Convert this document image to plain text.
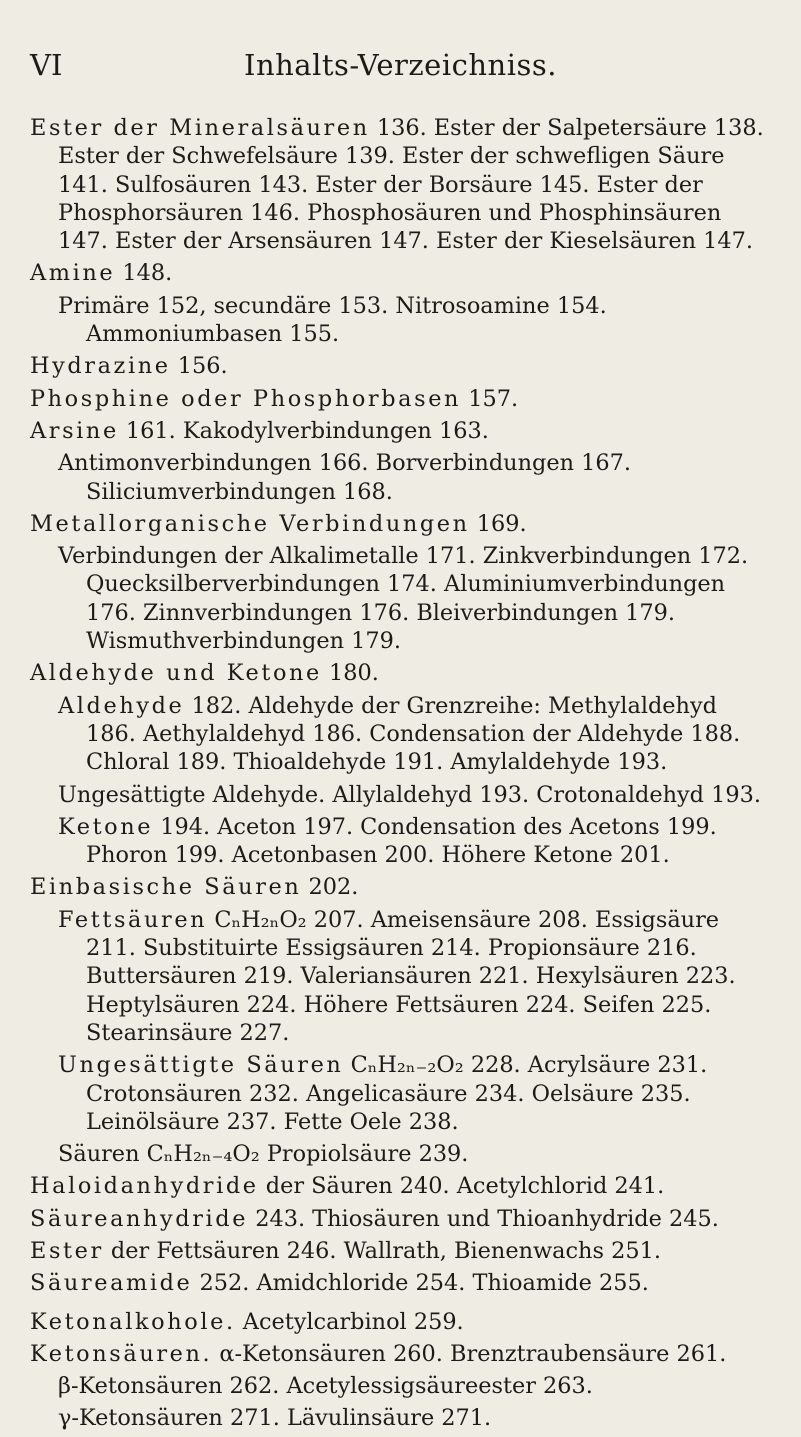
VI	Inhalts-Verzeichniss.
Ester der Mineralsäuren 136. Ester der Salpetersäure 138. Ester der Schwefelsäure 139. Ester der schwefligen Säure 141. Sulfosäuren 143. Ester der Borsäure 145. Ester der Phosphorsäuren 146. Phosphosäuren und Phosphinsäuren 147. Ester der Arsensäuren 147. Ester der Kieselsäuren 147.
Amine 148.
Primäre 152, secundäre 153. Nitrosoamine 154. Ammoniumbasen 155.
Hydrazine 156.
Phosphine oder Phosphorbasen 157.
Arsine 161. Kakodylverbindungen 163.
Antimonverbindungen 166. Borverbindungen 167. Siliciumverbindungen 168.
Metallorganische Verbindungen 169.
Verbindungen der Alkalimetalle 171. Zinkverbindungen 172. Quecksilberverbindungen 174. Aluminiumverbindungen 176. Zinnverbindungen 176. Bleiverbindungen 179. Wismuthverbindungen 179.
Aldehyde und Ketone 180.
Aldehyde 182. Aldehyde der Grenzreihe: Methylaldehyd 186. Aethylaldehyd 186. Condensation der Aldehyde 188. Chloral 189. Thioaldehyde 191. Amylaldehyde 193.
Ungesättigte Aldehyde. Allylaldehyd 193. Crotonaldehyd 193.
Ketone 194. Aceton 197. Condensation des Acetons 199. Phoron 199. Acetonbasen 200. Höhere Ketone 201.
Einbasische Säuren 202.
Fettsäuren CₙH₂ₙO₂ 207. Ameisensäure 208. Essigsäure 211. Substituirte Essigsäuren 214. Propionsäure 216. Buttersäuren 219. Valeriansäuren 221. Hexylsäuren 223. Heptylsäuren 224. Höhere Fettsäuren 224. Seifen 225. Stearinsäure 227.
Ungesättigte Säuren CₙH₂ₙ₋₂O₂ 228. Acrylsäure 231. Crotonsäuren 232. Angelicasäure 234. Oelsäure 235. Leinölsäure 237. Fette Oele 238.
Säuren CₙH₂ₙ₋₄O₂ Propiolsäure 239.
Haloidanhydride der Säuren 240. Acetylchlorid 241.
Säureanhydride 243. Thiosäuren und Thioanhydride 245.
Ester der Fettsäuren 246. Wallrath, Bienenwachs 251.
Säureamide 252. Amidchloride 254. Thioamide 255.
Ketonalkohole. Acetylcarbinol 259.
Ketonsäuren. α-Ketonsäuren 260. Brenztraubensäure 261.
β-Ketonsäuren 262. Acetylessigsäureester 263.
γ-Ketonsäuren 271. Lävulinsäure 271.
